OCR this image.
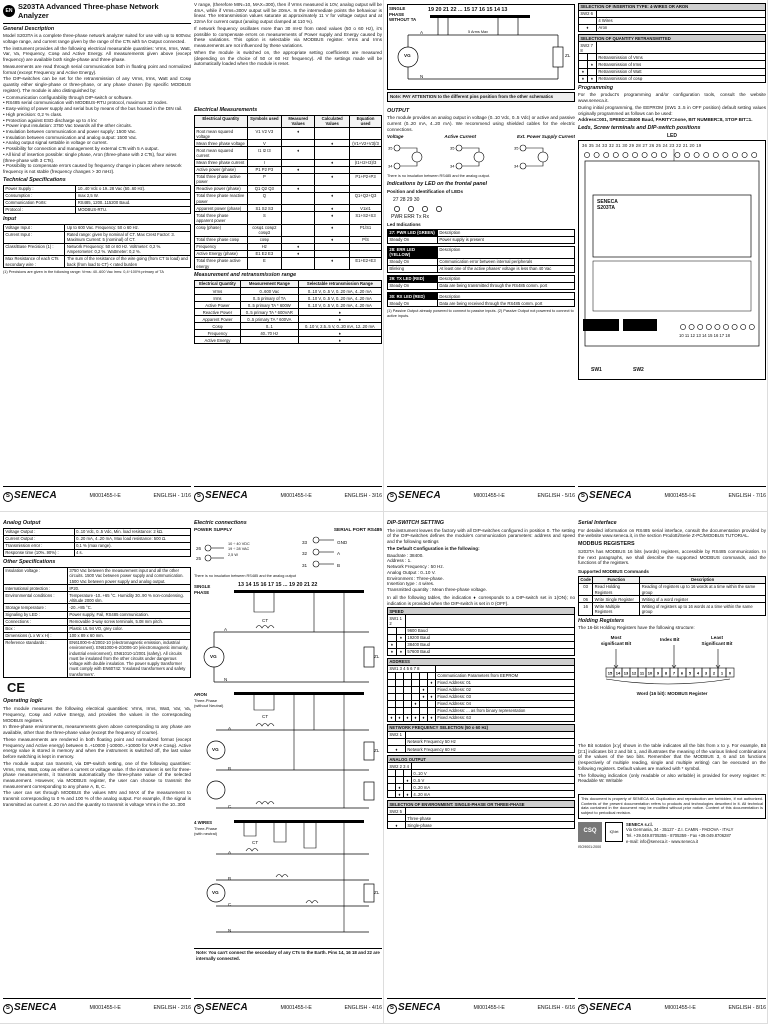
EN
S203TA Advanced Three-phase Network Analyzer
General Description

Model S203TA is a complete three-phase network analyzer suited for use with up to 600Vac voltage range, and current range given by the range of the CTs with 5A Output connected.

The instrument provides all the following electrical measurable quantities: Vrms, Irms, Watt, Var, Va, Frequency, Cosφ and Active Energy. All measurements given above (except frequency) are available both single-phase and three-phase.

Measurements are read through serial communication both in floating point and normalized format (except Frequency and Active Energy).

The DIP-switches can be set for the retransmission of any Vrms, Irms, Watt and Cosφ quantity either single-phase or three-phase, or any phase chosen (by specific MODBUS register). The module is also distinguished by:

• Communication configurability through DIP-switch or software.
• RS485 serial communication with MODBUS-RTU protocol, maximum 32 nodes.
• Easy-wiring of power supply and serial bus by means of the bus housed in the DIN rail.
• High precision: 0,2 % class.
• Protection against ESD discharge up to 4 kV.
• Power input insulation: 3750 Vac towards all the other circuits.
• Insulation between communication and power supply: 1500 Vac.
• Insulation between communication and analog output: 1500 Vac.
• Analog output signal settable in voltage or current.
• Possibility for connection and management by external CTs with 5 A output.
• All kind of insertion possible: single phase, Aron (three-phase with 2 CTs), four wires (three-phase with 3 CTs).
• Possibility to compensate errors caused by frequency change in places where network frequency is not stable (frequency changes > 30 mHz).
Technical Specifications
Power Supply :	10..40 Vdc o 19..28 Vac (50..60 Hz).
Consumption :	max 2,5 W.
Communication Ports:	RS485, 1200..115200 Baud.
Protocol :	MODBUS-RTU.
Input
Voltage Input :	Up to 600 Vac. Frequency: 50 o 60 Hz.
Current Input :	Rated range: given by nominal of CT. Max Crest Factor: 3. Maximum Current: 5 (nominal) of CT.
Class/Base Precision (1) :	Network Frequency: 50 or 60 Hz. Voltmeter: 0,2 %. Amperometer: 0,2 %. Wattmeter: 0,2 %.
Max Resistance of each CTs secondary wire :	The sum of the resistance of the wire going (from CT to load) and back (from load to CT) < rated burden
(1) Precisions are given in the following range: Vrms: 40..600 Vac Irms: 0,4÷100% primary of TA
S SENECA	MI001455-I-E	ENGLISH - 1/16

V range, (therefore MIN=10, MAX=300), then if Vrms measured is 10V, analog output will be 4mA, while if Vrms=300V output will be 20mA. In the intermediate points the behaviour is linear. The retransmission values saturate at approximately 11 V for voltage output and at 22mA for current output (analog output clamped at 110 %).

If network frequency oscillates more than 30 mHz from rated values (50 o 60 Hz), it's possible to compensate errors on measurements of Power supply and Energy caused by these variations. This option is selectable via MODBUS register. Vrms and Irms measurements are not influenced by these variations.

When the module is switched on, the appropriate setting coefficients are measured (depending on the choice of 50 or 60 Hz frequency). All the settings made will be automatically loaded when the module is reset.

Electrical Measurements
Electrical Quantity	Symbols used	Measured Values	Calculated Values	Equation used
Root mean squared voltage	V1 V2 V3	♦		
Mean three phase voltage	V		♦	(V1+V2+V3)/3
Root mean squared current	I1 I2 I3	♦		
Mean three phase current	I		♦	(I1+I2+I3)/3
Active power (phase)	P1 P2 P3	♦		
Total three phase active power	P		♦	P1+P2+P3
Reactive power (phase)	Q1 Q2 Q3	♦		
Total three phase reactive power	Q		♦	Q1+Q2+Q3
Apparent power (phase)	S1 S2 S3		♦	V1xI1
Total three phase apparent power	S		♦	S1+S2+S3
cosφ (phase)	cosφ1 cosφ2 cosφ3		♦	P1/S1
Total three phase cosφ	cosφ		♦	P/S
Frequency	Hz	♦		
Active Energy (phase)	E1 E2 E3	♦		
Total three phase active energy	E		♦	E1+E2+E3
Measurement and retransmission range
Electrical Quantity	Measurement Range	Selectable retransmission Range
Vrms	0..600 Vac	0..10 V, 0..5 V, 0..20 mA, 4..20 mA
Irms	0..5 primary of TA	0..10 V, 0..5 V, 0..20 mA, 4..20 mA
Active Power	0..5 primary TA * 600W	0..10 V, 0..5 V, 0..20 mA, 4..20 mA
Reactive Power	0..5 primary TA * 600VAR	♦
Apparent Power	0..5 primary TA * 600VA	♦
Cosφ	0..1	0..10 V, 2.5..5 V, 0..20 mA, 12..20 mA
Frequency	40..70 Hz	♦
Active Energy		♦
S SENECA	MI001455-I-E	ENGLISH - 3/16
SINGLE PHASE WITHOUT TA
19 20 21 22 ... 15 17 16 15 14 13
VG
A
N
ZL
5 Arms Max
Note: PAY ATTENTION to the different pins position from the other schematics
OUTPUT

The module provides an analog output in voltage (0..10 Vdc, 0..5 Vdc) or active and passive current (0..20 mA, 4..20 mA). We recommend using shielded cables for the electric connections.

Voltage	Active Current	Ext. Power Supply Current
35
34
35
34
35
34
There is no insulation between RS485 and the analog output.
Indications by LED on the frontal panel
Position and Identification of LEDs
27 28 29 30
PWR ERR Tx Rx
Led Indications
27: PWR LED (GREEN)	Description
Steady On	Power supply is present
28: ERR LED (YELLOW)	Description
Steady On	Communication error between internal peripherals
Blinking	At least one of the active phases' voltage is less than 40 Vac
29: TX LED (RED)	Description
Steady On	Data are being transmitted through the RS485 comm. port
30: RX LED (RED)	Description
Steady On	Data are being received through the RS485 comm. port
(1) Passive Output already powered to connect to passive inputs. (2) Passive Output not powered to connect to active inputs.
S SENECA	MI001455-I-E	ENGLISH - 5/16
SELECTION OF INSERTION TYPE: 4-WIRES OR ARON	
SW2 6	
	4 Wires
♦	Aron
SELECTION OF QUANTITY RETRANSMITTED		
SW2 7 8		
		Retransmission of Vrms
	♦	Retransmission of Irms
♦		Retransmission of Watt
♦	♦	Retransmission of cosφ
Programming

For the product's programming and/or configuration tools, consult the website www.seneca.it.

During initial programming, the EEPROM (SW1 3..5 in OFF position) default setting values originally programmed as follows can be used:

Address=001, SPEED=38400 Baud, PARITY=none, BIT NUMBER=8, STOP BIT=1.

Leds, Screw terminals and DIP-switch positions
LED
36 35 34 33 32 31 30 29 28 27 26 25 24 23 22 21 20 19
SENECA S203TA
10 11 12 13 14 15 16 17 18
SW1	SW2
S SENECA	MI001455-I-E	ENGLISH - 7/16
Analog Output
Voltage Output :	0..10 Vdc, 0..5 Vdc, Min. load resistance: 2 kΩ.
Current Output :	0..20 mA, 4..20 mA, Max load resistance: 500 Ω.
Transmission error :	0,1 % (max range).
Response time (10%..90%) :	4 s.
Other Specifications
Insulation voltage :	3750 Vac between the measurement input and all the other circuits. 1500 Vac between power supply and communication. 1500 Vac between power supply and analog output.
International protection :	IP20.
Environmental conditions :	Temperature -10..+65 °C. Humidity 30..90 % non-condensing. Altitude 2000 slm.
Storage temperature :	-20..+85 °C.
Signaling by LED :	Power supply, Fail, RS485 communication.
Connections :	Removable 3-way screw terminals, 5.08 mm pitch.
Box :	Plastic UL 94 VO, grey color.
Dimensions (L x W x H) :	100 x 89 x 60 mm.
Reference standards :	EN61000-6-4/2002-10 (electromagnetic emission, industrial environment). EN61000-6-2/2006-10 (electromagnetic immunity, industrial environment). EN61010-1/2001 (safety). All circuits must be insulated from the other circuits under dangerous voltage with double insulation. The power supply transformer must comply with EN60742: 'Insulated transformers and safety transformers'.
CE
Operating logic

The module measures the following electrical quantities: Vrms, Irms, Watt, Var, Va, Frequency, Cosφ and Active Energy, and provides the values in the corresponding MODBUS registers.

In three-phase environments, measurements given above corresponding to any phase are available, other than the three-phase value (except the frequency of course).

These measurements are rendered in both floating point and normalized format (except Frequency and Active energy) between 0..+10000 (-10000..+10000 for VAR e Cosφ). Active energy value is stored in memory and when the instrument is switched off, the last value before switching is kept in memory.

The module output can transmit, via DIP-switch setting, one of the following quantities: Vrms, Irms, Watt, cosφ as either a current or voltage value. If the instrument is set for three-phase measurements, it transmits automatically the three-phase value of the selected measurement. However, via MODBUS register, the user can choose to transmit the measurement corresponding to any phase A, B, C.

The user can set through MODBUS the values MIN and MAX of the measurement to transmit corresponding to 0 % and 100 % of the analog output. For example, if the signal is transmitted as current 4..20 mA and the quantity to transmit is voltage Vrms in the 10..300

S SENECA	MI001455-I-E	ENGLISH - 2/16
Electric connections
POWER SUPPLY	SERIAL PORT RS485
26
25
10 ÷ 40 VDC
19 ÷ 28 VAC
2,5 W
33
32
31
GND
A
B
There is no insulation between RS485 and the analog output
SINGLE PHASE
13 14 15 16 17 15 ... 19 20 21 22
VG
A
N
CT
ZL
ARON
Three-Phase (without Neutral)
A
B
C
VG
CT
ZL
4 WIRES
Three-Phase (with neutral)
A
B
C
N
VG
CT
ZL
Note: You can't connect the secondary of any CTs to the Earth. Pins 14, 16 18 and 22 are internally connected.
S SENECA	MI001455-I-E	ENGLISH - 4/16
DIP-SWITCH SETTING

The instrument leaves the factory with all DIP-switches configured in position 0. The setting of the DIP-switches defines the module's communication parameters: address and speed and the following settings

The Default Configuration is the following:

Baudrate : 38400.
Address : 1.
Network Frequency : 50 Hz.
Analog Output : 0..10 V.
Environment : Three-phase.
Insertion type : 4 wires.
Transmitted quantity : Mean three-phase voltage.

In all the following tables, the indication ♦ corresponds to a DIP-switch set in 1(ON); no indication is provided when the DIP-switch is set in 0 (OFF).

SPEED		
SW1 1 2		
		9600 Baud
	♦	19200 Baud
♦		38400 Baud
♦	♦	57600 Baud
ADDRESS						
SW1 3 4 5 6 7 8						
						Communication Parameters from EEPROM
					♦	Fixed Address: 01
				♦		Fixed Address: 02
				♦	♦	Fixed Address: 03
			♦			Fixed Address: 04
						Fixed Address: ... as from binary representation
♦	♦	♦	♦	♦	♦	Fixed Address: 63
NETWORK FREQUENCY SELECTION (50 o 60 Hz)	
SW2 1	
	Network Frequency 50 Hz
♦	Network Frequency 60 Hz
ANALOG OUTPUT			
SW2 2 3 4			
			0..10 V
		♦	0..5 V
	♦		0..20 mA
	♦	♦	4..20 mA
SELECTION OF ENVIRONMENT: SINGLE-PHASE OR THREE-PHASE	
SW2 5	
	Three-phase
♦	Single-phase
S SENECA	MI001455-I-E	ENGLISH - 6/16
Serial Interface

For detailed information on RS485 serial interface, consult the documentation provided by the website www.seneca.it, in the section Prodotti/Serie Z-PC/MODBUS TUTORIAL.

MODBUS REGISTERS

S203TA has MODBUS 16 bits (words) registers, accessible by RS485 communication. In the next paragraphs, we shall describe the supported MODBUS commands, and the functions of the registers.

Supported MODBUS Commands
Code	Function	Description
03	Read Holding Registers	Reading of registers up to 16 words at a time within the same group
06	Write Single Register	Writing of a word register
16	Write Multiple Registers	Writing of registers up to 16 words at a time within the same group
Holding Registers

The 16-bit Holding Registers have the following structure:

Most significant Bit
Index Bit	Least Significant Bit
15 14 13 12 11 10 9 8 7 6 5 4 3 2 1 0
Word (16 bit): MODBUS Register

The Bit notation [x:y] shown in the table indicates all the bits from x to y. For example, Bit [2:1] indicates bit 2 and bit 1, and illustrates the meaning of the various linked combinations of the values of the two bits. Remember that the MODBUS 3, 6 and 16 functions (respectively of multiple reading, single and multiple writing) can be executed on the following registers. Default values are marked with * symbol.

The following indication (only readable or also writable) is provided for every register: R: Readable W: Writable

This document is property of SENECA srl. Duplication and reproduction are forbidden, if not authorized. Contents of the present documentation refers to products and technologies described in it. All technical data contained in the document may be modified without prior notice. Content of this documentation is subject to periodical revision.
CSQ	IQNet
SENECA s.r.l.
Via Germania, 34 - 35127 - Z.I. CAMIN - PADOVA - ITALY
Tel. +39.049.8705355 - 8705359 - Fax +39.049.8706287
e-mail: info@seneca.it - www.seneca.it
ISO9001:2000
S SENECA	MI001455-I-E	ENGLISH - 8/16
